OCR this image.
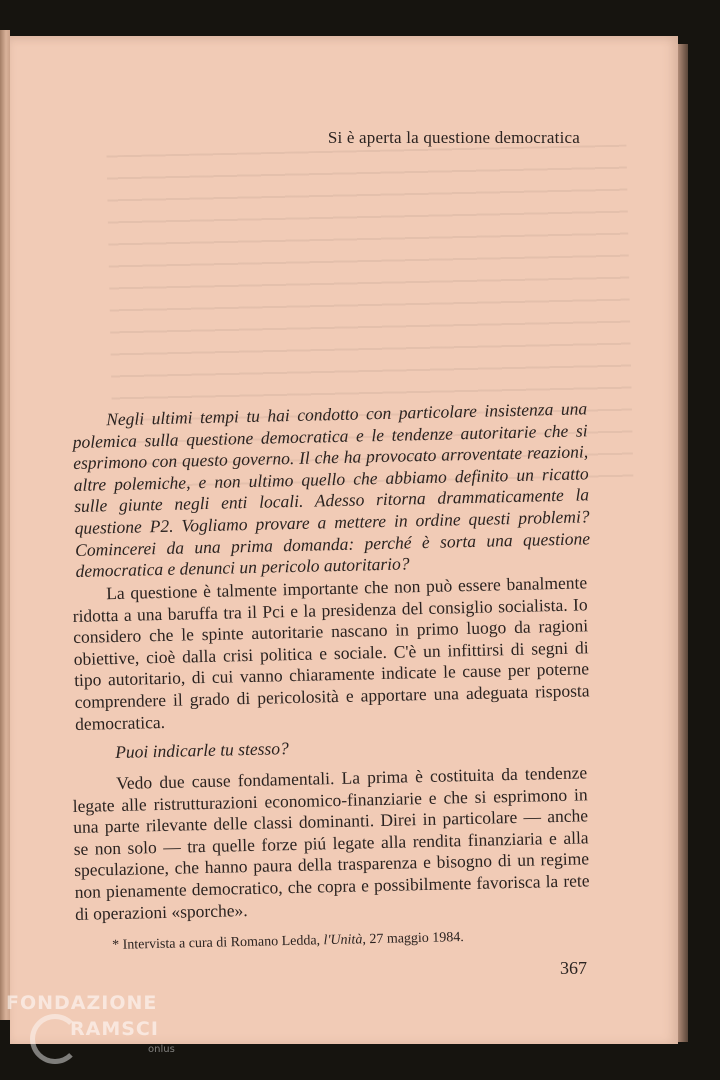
Si è aperta la questione democratica
Negli ultimi tempi tu hai condotto con particolare insistenza una polemica sulla questione democratica e le tendenze autoritarie che si esprimono con questo governo. Il che ha provocato arroventate reazioni, altre polemiche, e non ultimo quello che abbiamo definito un ricatto sulle giunte negli enti locali. Adesso ritorna drammaticamente la questione P2. Vogliamo provare a mettere in ordine questi problemi? Comincerei da una prima domanda: perché è sorta una questione democratica e denunci un pericolo autoritario?
La questione è talmente importante che non può essere banalmente ridotta a una baruffa tra il Pci e la presidenza del consiglio socialista. Io considero che le spinte autoritarie nascano in primo luogo da ragioni obiettive, cioè dalla crisi politica e sociale. C'è un infittirsi di segni di tipo autoritario, di cui vanno chiaramente indicate le cause per poterne comprendere il grado di pericolosità e apportare una adeguata risposta democratica.
Puoi indicarle tu stesso?
Vedo due cause fondamentali. La prima è costituita da tendenze legate alle ristrutturazioni economico-finanziarie e che si esprimono in una parte rilevante delle classi dominanti. Direi in particolare — anche se non solo — tra quelle forze piú legate alla rendita finanziaria e alla speculazione, che hanno paura della trasparenza e bisogno di un regime non pienamente democratico, che copra e possibilmente favorisca la rete di operazioni «sporche».
* Intervista a cura di Romano Ledda, l'Unità, 27 maggio 1984.
367
FONDAZIONE
RAMSCI
onlus
